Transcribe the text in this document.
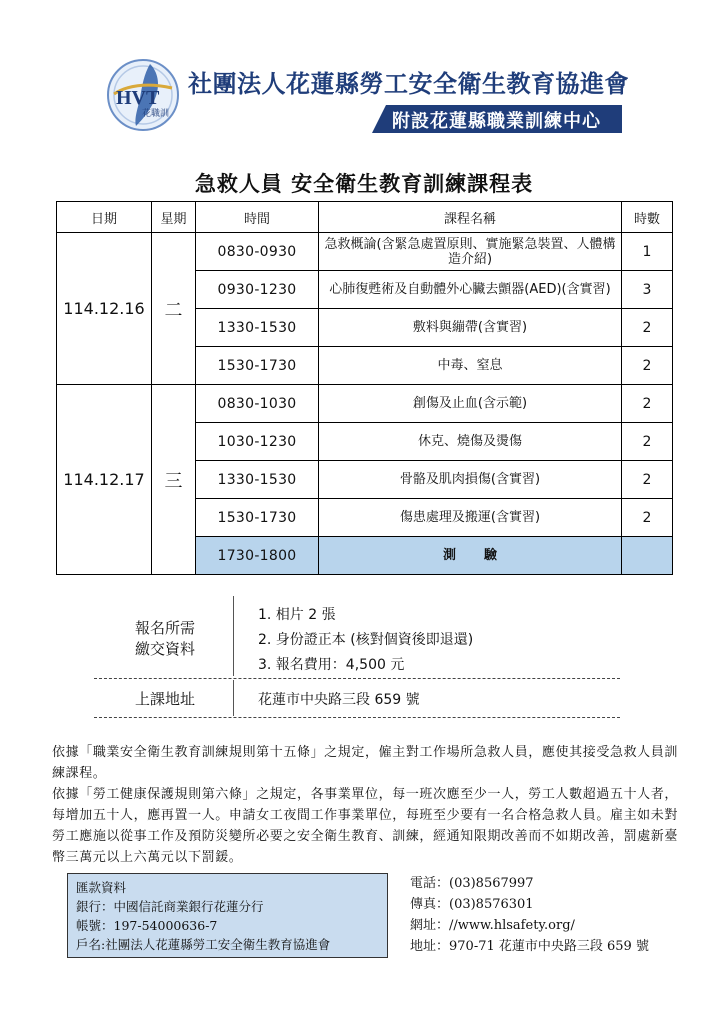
HVT
花職訓
社團法人花蓮縣勞工安全衛生教育協進會
附設花蓮縣職業訓練中心
急救人員 安全衛生教育訓練課程表
日期	星期	時間	課程名稱	時數
114.12.16	二	0830-0930	急救概論(含緊急處置原則、實施緊急裝置、人體構造介紹)	1
		0930-1230	心肺復甦術及自動體外心臟去顫器(AED)(含實習)	3
		1330-1530	敷料與繃帶(含實習)	2
		1530-1730	中毒、窒息	2
114.12.17	三	0830-1030	創傷及止血(含示範)	2
		1030-1230	休克、燒傷及燙傷	2
		1330-1530	骨骼及肌肉損傷(含實習)	2
		1530-1730	傷患處理及搬運(含實習)	2
		1730-1800	測驗	
報名所需
繳交資料
1. 相片 2 張
2. 身份證正本 (核對個資後即退還)
3. 報名費用：4,500 元
上課地址	花蓮市中央路三段 659 號

依據「職業安全衛生教育訓練規則第十五條」之規定，僱主對工作場所急救人員，應使其接受急救人員訓練課程。

依據「勞工健康保護規則第六條」之規定，各事業單位，每一班次應至少一人，勞工人數超過五十人者，每增加五十人，應再置一人。申請女工夜間工作事業單位，每班至少要有一名合格急救人員。雇主如未對勞工應施以從事工作及預防災變所必要之安全衛生教育、訓練，經通知限期改善而不如期改善，罰處新臺幣三萬元以上六萬元以下罰鍰。

匯款資料
銀行：中國信託商業銀行花蓮分行
帳號：197-54000636-7
戶名:社團法人花蓮縣勞工安全衛生教育協進會
電話：(03)8567997
傳真：(03)8576301
網址：//www.hlsafety.org/
地址：970-71 花蓮市中央路三段 659 號
